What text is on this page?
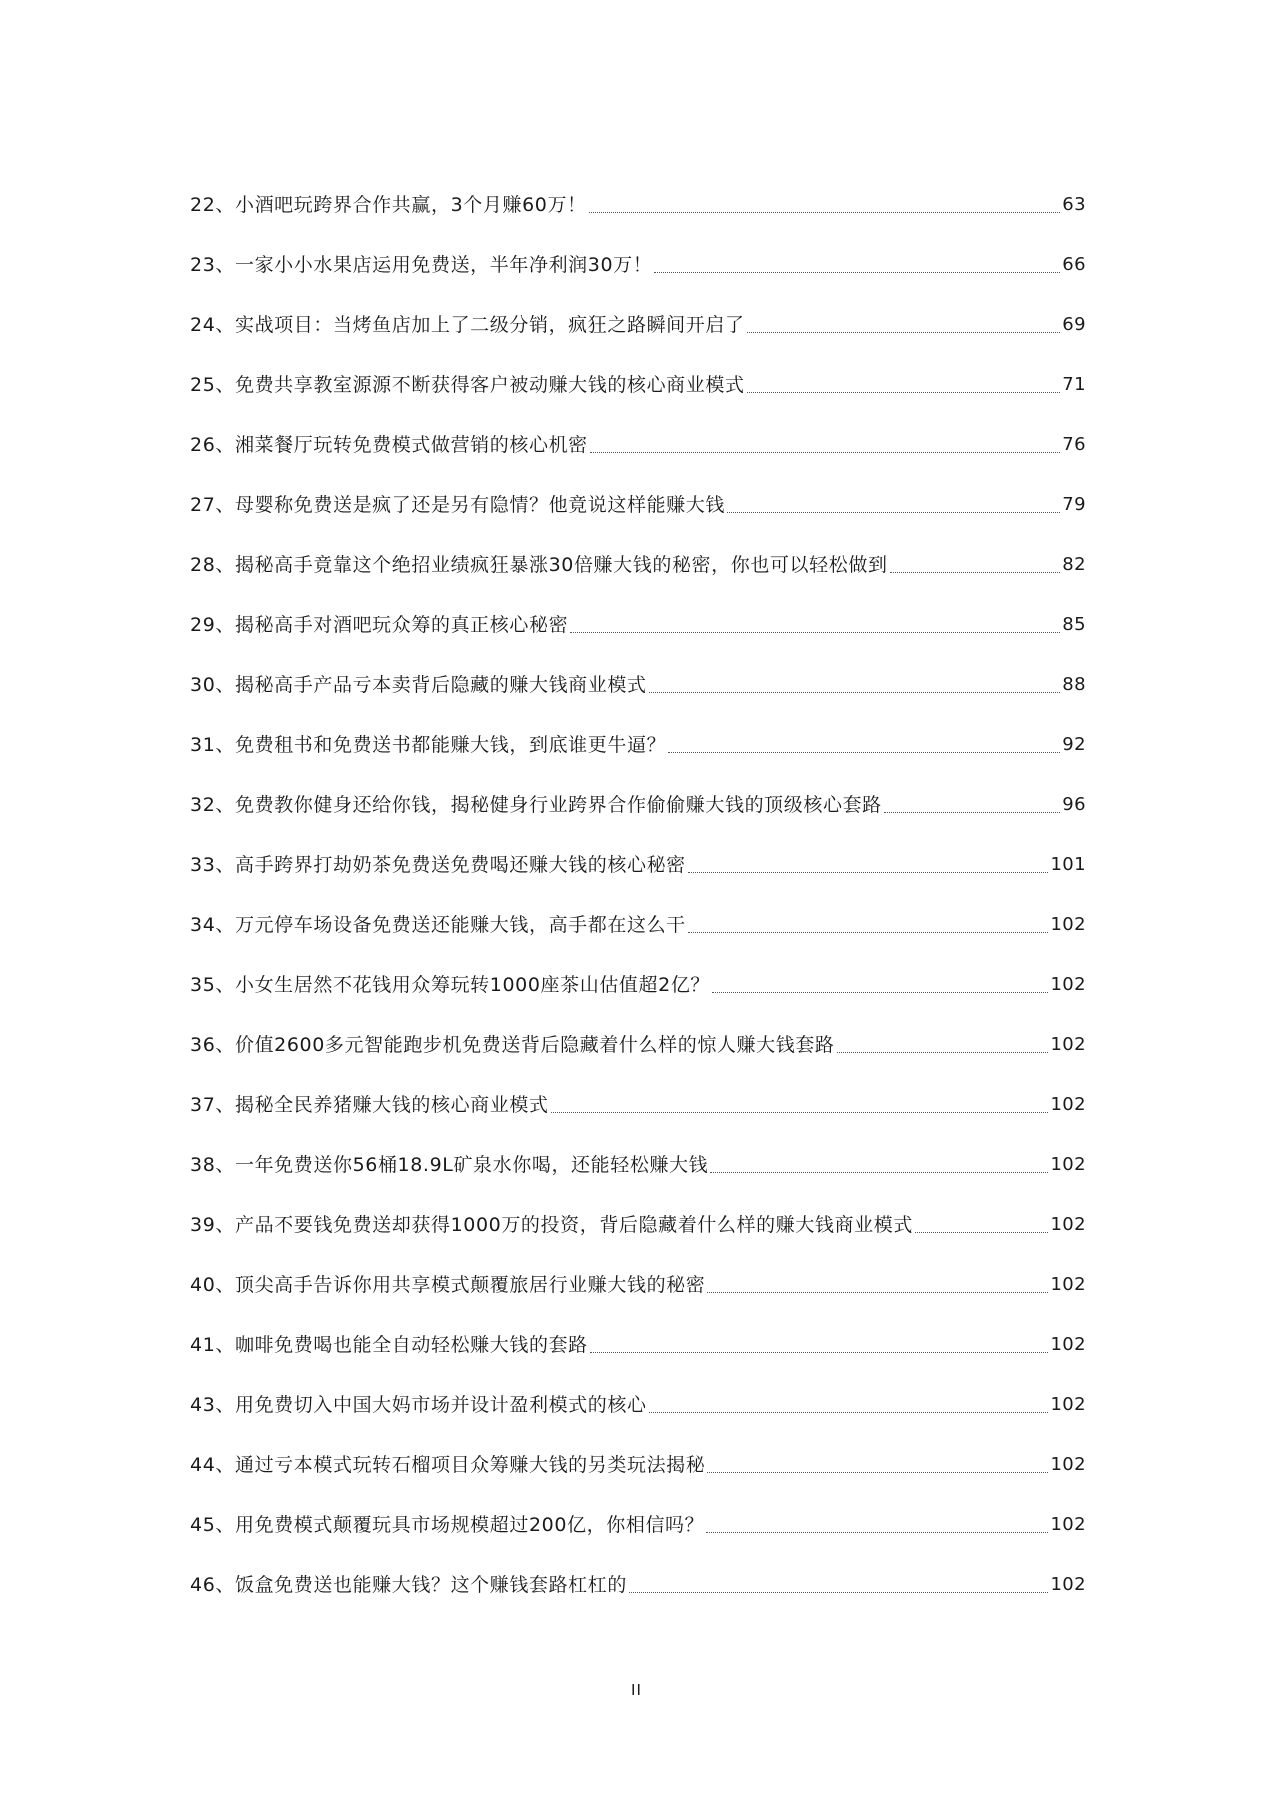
22、小酒吧玩跨界合作共赢，3个月赚60万！	63
23、一家小小水果店运用免费送，半年净利润30万！	66
24、实战项目：当烤鱼店加上了二级分销，疯狂之路瞬间开启了	69
25、免费共享教室源源不断获得客户被动赚大钱的核心商业模式	71
26、湘菜餐厅玩转免费模式做营销的核心机密	76
27、母婴称免费送是疯了还是另有隐情？他竟说这样能赚大钱	79
28、揭秘高手竟靠这个绝招业绩疯狂暴涨30倍赚大钱的秘密，你也可以轻松做到	82
29、揭秘高手对酒吧玩众筹的真正核心秘密	85
30、揭秘高手产品亏本卖背后隐藏的赚大钱商业模式	88
31、免费租书和免费送书都能赚大钱，到底谁更牛逼？	92
32、免费教你健身还给你钱，揭秘健身行业跨界合作偷偷赚大钱的顶级核心套路	96
33、高手跨界打劫奶茶免费送免费喝还赚大钱的核心秘密	101
34、万元停车场设备免费送还能赚大钱，高手都在这么干	102
35、小女生居然不花钱用众筹玩转1000座茶山估值超2亿？	102
36、价值2600多元智能跑步机免费送背后隐藏着什么样的惊人赚大钱套路	102
37、揭秘全民养猪赚大钱的核心商业模式	102
38、一年免费送你56桶18.9L矿泉水你喝，还能轻松赚大钱	102
39、产品不要钱免费送却获得1000万的投资，背后隐藏着什么样的赚大钱商业模式	102
40、顶尖高手告诉你用共享模式颠覆旅居行业赚大钱的秘密	102
41、咖啡免费喝也能全自动轻松赚大钱的套路	102
43、用免费切入中国大妈市场并设计盈利模式的核心	102
44、通过亏本模式玩转石榴项目众筹赚大钱的另类玩法揭秘	102
45、用免费模式颠覆玩具市场规模超过200亿，你相信吗？	102
46、饭盒免费送也能赚大钱？这个赚钱套路杠杠的	102
II
